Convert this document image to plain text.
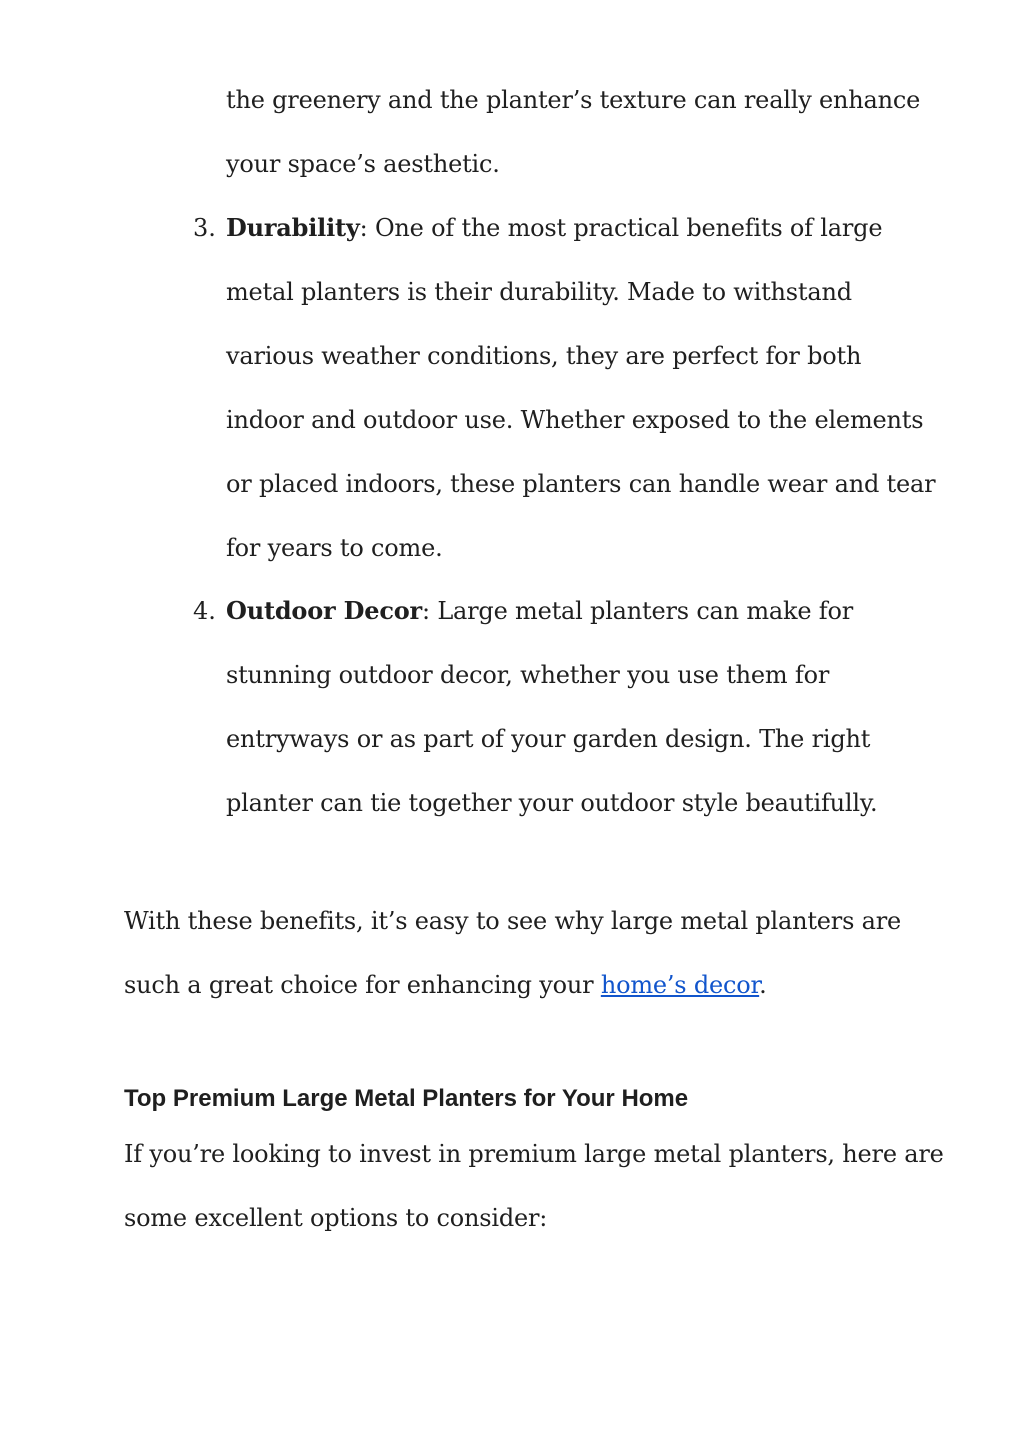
the greenery and the planter’s texture can really enhance
your space’s aesthetic.
3. Durability: One of the most practical benefits of large
metal planters is their durability. Made to withstand
various weather conditions, they are perfect for both
indoor and outdoor use. Whether exposed to the elements
or placed indoors, these planters can handle wear and tear
for years to come.
4. Outdoor Decor: Large metal planters can make for
stunning outdoor decor, whether you use them for
entryways or as part of your garden design. The right
planter can tie together your outdoor style beautifully.
With these benefits, it’s easy to see why large metal planters are
such a great choice for enhancing your home’s decor.
Top Premium Large Metal Planters for Your Home
If you’re looking to invest in premium large metal planters, here are
some excellent options to consider:
